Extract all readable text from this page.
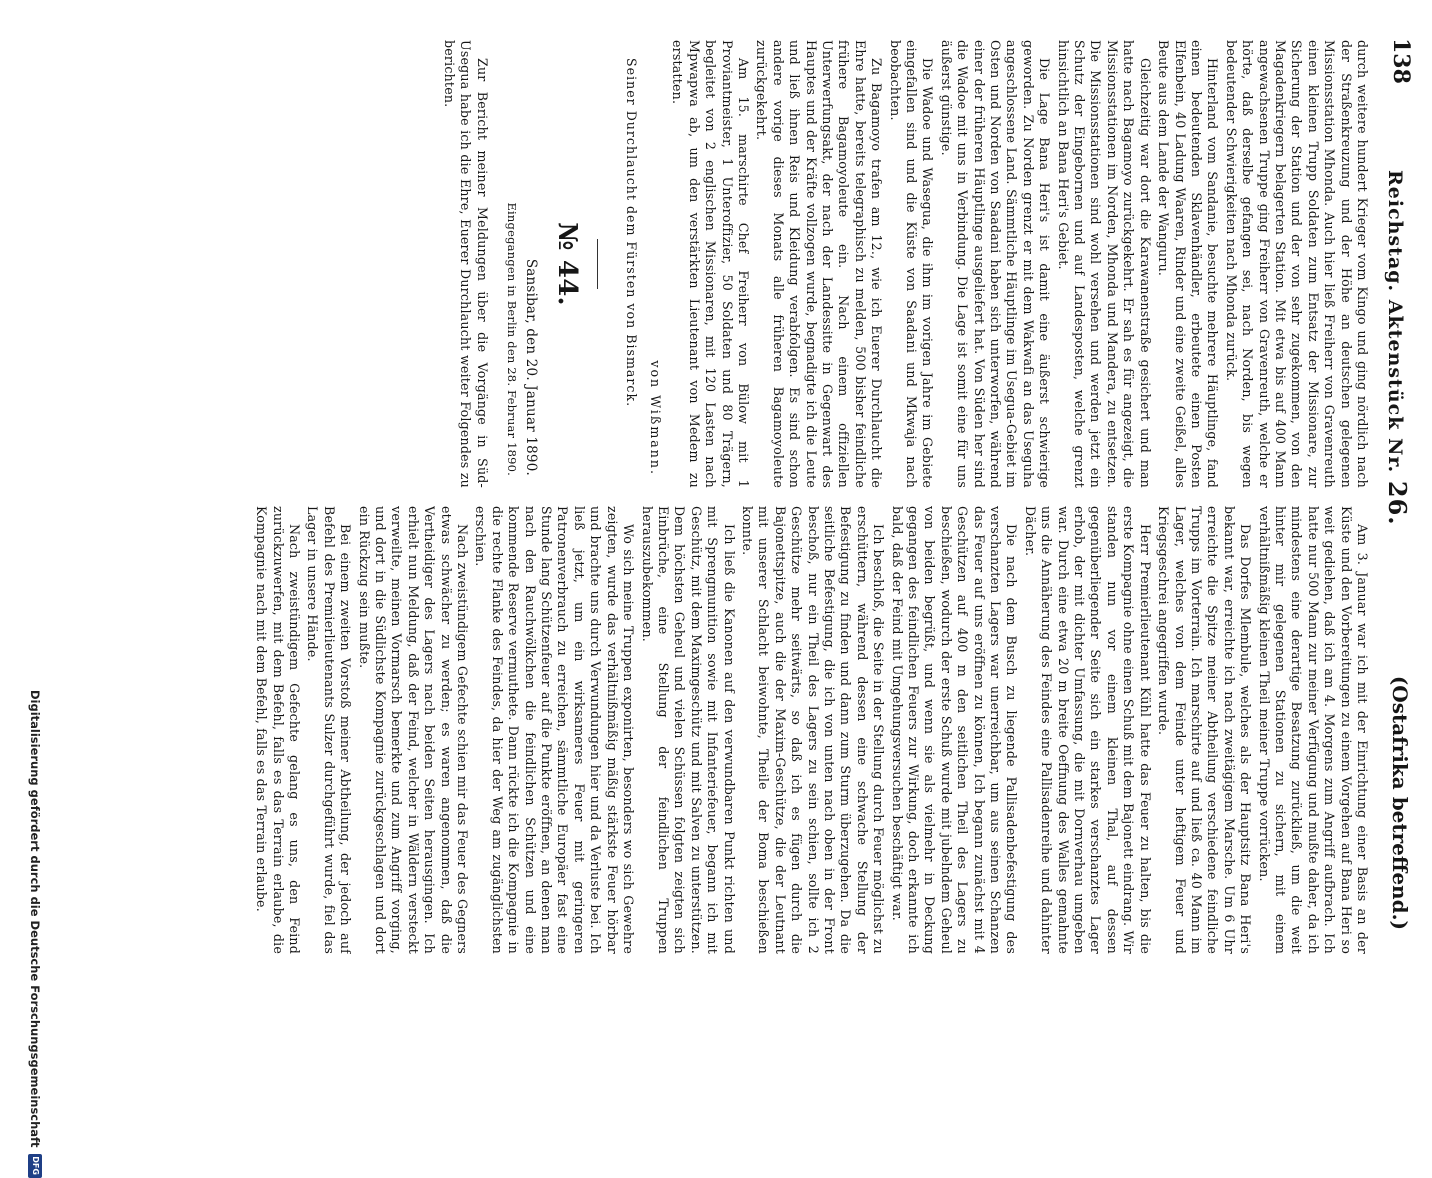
138
Reichstag. Aktenstück Nr. 26.
(Ostafrika betreffend.)

durch weitere hundert Krieger vom Kingo und ging nördlich nach der Straßenkreuzung und der Höhe an deutschen gelegenen Missionsstation Mhonda. Auch hier ließ Freiherr von Gravenreuth einen kleinen Trupp Soldaten zum Entsatz der Missionare, zur Sicherung der Station und der von sehr zugekommen, von den Magadenkriegern belagerten Station. Mit etwa bis auf 400 Mann angewachsenen Truppe ging Freiherr von Gravenreuth, welche er hörte, daß derselbe gefangen sei, nach Norden, bis wegen bedeutender Schwierigkeiten nach Mhonda zurück.

Hinterland vom Sandanie, besuchte mehrere Häuptlinge, fand einen bedeutenden Sklavenhändler, erbeutete einen Posten Elfenbein, 40 Ladung Waaren, Rinder und eine zweite Geißel, alles Beute aus dem Lande der Wanguru.

Gleichzeitig war dort die Karawanenstraße gesichert und man hatte nach Bagamoyo zurückgekehrt. Er sah es für angezeigt, die Missionsstationen im Norden, Mhonda und Mandera, zu entsetzen. Die Missionsstationen sind wohl versehen und werden jetzt ein Schutz der Eingebornen und auf Landesposten, welche grenzt hinsichtlich an Bana Heri's Gebiet.

Die Lage Bana Heri's ist damit eine äußerst schwierige geworden. Zu Norden grenzt er mit dem Wakwafi an das Useguha angeschlossene Land. Sämmtliche Häuptlinge im Usegua-Gebiet im Osten und Norden von Saadani haben sich unterworfen, während einer der früheren Häuptlinge ausgeliefert hat. Von Süden her sind die Wadoe mit uns in Verbindung. Die Lage ist somit eine für uns äußerst günstige.

Die Wadoe und Wasegua, die ihm im vorigen Jahre im Gebiete eingefallen sind und die Küste von Saadani und Mkwaja nach beobachten.

Zu Bagamoyo trafen am 12., wie ich Euerer Durchlaucht die Ehre hatte, bereits telegraphisch zu melden, 500 bisher feindliche frühere Bagamoyoleute ein. Nach einem offiziellen Unterwerfungsakt, der nach der Landessitte in Gegenwart des Hauptes und der Kräfte vollzogen wurde, begnadigte ich die Leute und ließ ihnen Reis und Kleidung verabfolgen. Es sind schon andere vorige dieses Monats alle früheren Bagamoyoleute zurückgekehrt.

Am 15. marschirte Chef Freiherr von Bülow mit 1 Proviantmeister, 1 Unteroffizier, 50 Soldaten und 80 Trägern, begleitet von 2 englischen Missionaren, mit 120 Lasten nach Mpwapwa ab, um den verstärkten Lieutenant von Medem zu erstatten.

von Wißmann.
Seiner Durchlaucht dem Fürsten von Bismarck.
№ 44.
Sansibar, den 20. Januar 1890.
Eingegangen in Berlin den 28. Februar 1890.

Zur Bericht meiner Meldungen über die Vorgänge in Süd-Usegua habe ich die Ehre, Euerer Durchlaucht weiter Folgendes zu berichten.

Am 3. Januar war ich mit der Einrichtung einer Basis an der Küste und den Vorbereitungen zu einem Vorgehen auf Bana Heri so weit gediehen, daß ich am 4. Morgens zum Angriff aufbrach. Ich hatte nur 500 Mann zur meiner Verfügung und mußte daher, da ich mindestens eine derartige Besatzung zurückließ, um die weit hinter mir gelegenen Stationen zu sichern, mit einem verhältnißmäßig kleinen Theil meiner Truppe vorrücken.

Das Dorfes Mlembule, welches als der Hauptsitz Bana Heri's bekannt war, erreichte ich nach zweitägigem Marsche. Um 6 Uhr erreichte die Spitze meiner Abtheilung verschiedene feindliche Trupps im Vorterrain. Ich marschirte auf und ließ ca. 40 Mann im Lager, welches von dem Feinde unter heftigem Feuer und Kriegsgeschrei angegriffen wurde.

Herr Premierlieutenant Kühl hatte das Feuer zu halten, bis die erste Kompagnie ohne einen Schuß mit dem Bajonett eindrang. Wir standen nun vor einem kleinen Thal, auf dessen gegenüberliegender Seite sich ein starkes verschanztes Lager erhob, der mit dichter Umfassung, die mit Dornverhau umgeben war. Durch eine etwa 20 m breite Oeffnung des Walles gemahnte uns die Annäherung des Feindes eine Pallisadenreihe und dahinter Dächer.

Die nach dem Busch zu liegende Pallisadenbefestigung des verschanzten Lagers war unerreichbar, um aus seinen Schanzen das Feuer auf uns eröffnen zu können, Ich begann zunächst mit 4 Geschützen auf 400 m den seitlichen Theil des Lagers zu beschießen, wodurch der erste Schuß wurde mit jubelndem Geheul von beiden begrüßt, und wenn sie als vielmehr in Deckung gegangen des feindlichen Feuers zur Wirkung, doch erkannte ich bald, daß der Feind mit Umgehungsversuchen beschäftigt war.

Ich beschloß, die Seite in der Stellung durch Feuer möglichst zu erschüttern, während dessen eine schwache Stellung der Befestigung zu finden und dann zum Sturm überzugehen. Da die seitliche Befestigung, die ich von unten nach oben in der Front beschoß, nur ein Theil des Lagers zu sein schien, sollte ich 2 Geschütze mehr seitwärts, so daß ich es fügen durch die Bajonettspitze, auch die der Maxim-Geschütze, die der Leutnant mit unserer Schlacht beiwohnte, Theile der Boma beschießen konnte.

Ich ließ die Kanonen auf den verwundbaren Punkt richten und mit Sprengmunition sowie mit Infanteriefeuer, begann ich mit Geschütz, mit dem Maximgeschütz und mit Salven zu unterstützen. Dem höchsten Geheul und vielen Schüssen folgten zeigten sich Einbrüche, eine Stellung der feindlichen Truppen herauszubekommen.

Wo sich meine Truppen exponirten, besonders wo sich Gewehre zeigten, wurde das verhältnißmäßig mäßig stärkste Feuer hörbar und brachte uns durch Verwundungen hier und da Verluste bei. Ich ließ jetzt, um ein wirksameres Feuer mit geringeren Patronenverbrauch zu erreichen, sämmtliche Europäer fast eine Stunde lang Schützenfeuer auf die Punkte eröffnen, an denen man nach den Rauchwölkchen die feindlichen Schützen und eine kommende Reserve vermuthete. Dann rückte ich die Kompagnie in die rechte Flanke des Feindes, da hier der Weg am zugänglichsten erschien.

Nach zweistündigem Gefechte schien mir das Feuer des Gegners etwas schwächer zu werden; es waren angenommen, daß die Vertheidiger des Lagers nach beiden Seiten herausgingen. Ich erhielt nun Meldung, daß der Feind, welcher in Wäldern versteckt verweilte, meinen Vormarsch bemerkte und zum Angriff vorging, und dort in die Südlichste Kompagnie zurückgeschlagen und dort ein Rückzug sein mußte.

Bei einem zweiten Vorstoß meiner Abtheilung, der jedoch auf Befehl des Premierlieutenants Sulzer durchgeführt wurde, fiel das Lager in unsere Hände.

Nach zweistündigem Gefechte gelang es uns, den Feind zurückzuwerfen, mit dem Befehl, falls es das Terrain erlaube, die Kompagnie nach mit dem Befehl, falls es das Terrain erlaube.

Digitalisierung gefördert durch die Deutsche Forschungsgemeinschaft
DFG
